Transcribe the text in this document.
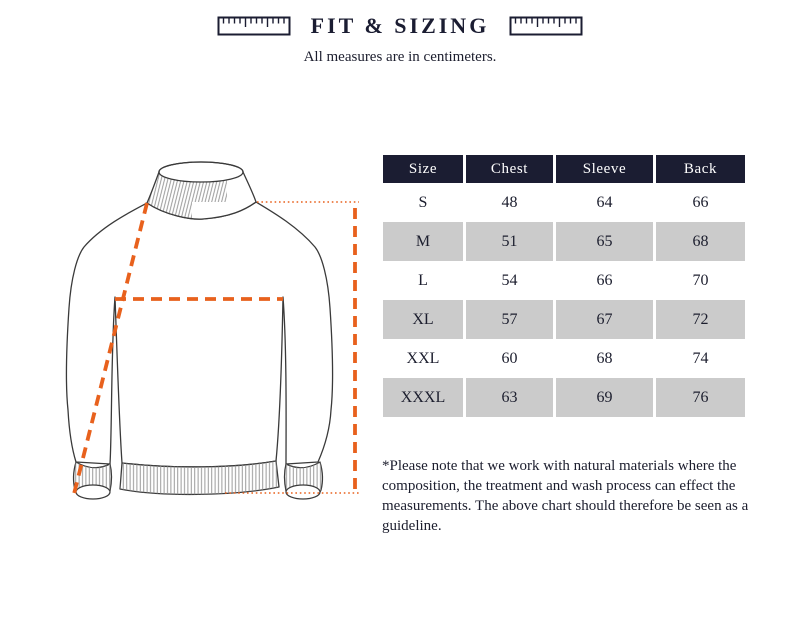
FIT & SIZING

All measures are in centimeters.

Size	Chest	Sleeve	Back
S	48	64	66
M	51	65	68
L	54	66	70
XL	57	67	72
XXL	60	68	74
XXXL	63	69	76

*Please note that we work with natural materials where the composition, the treatment and wash process can effect the measurements. The above chart should therefore be seen as a guideline.
